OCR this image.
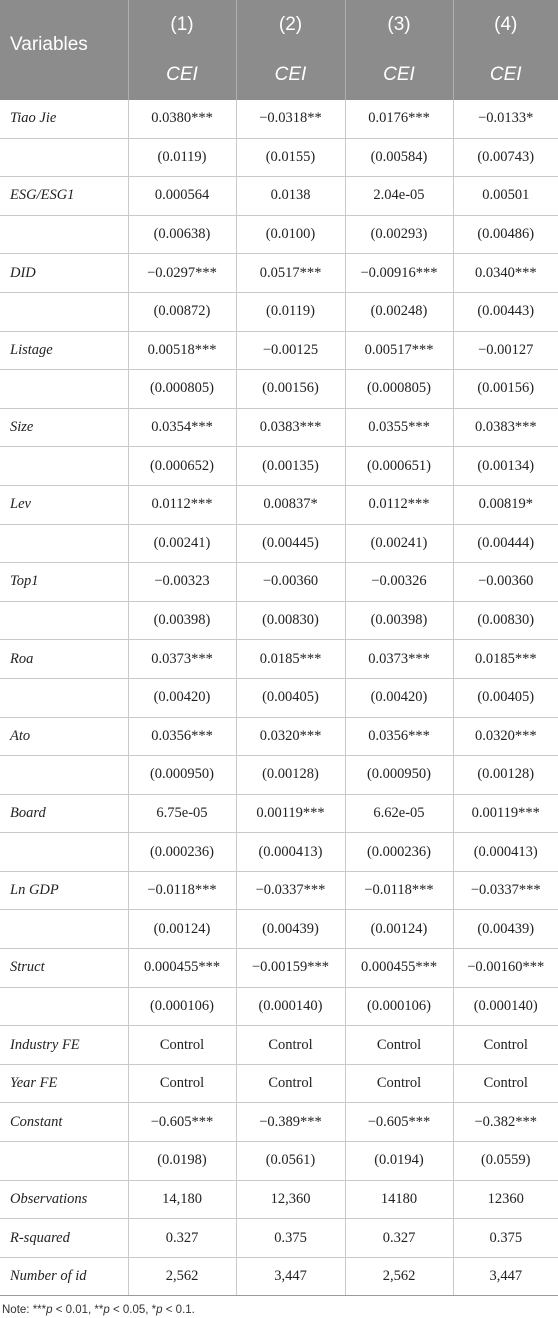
Variables	(1)	(2)	(3)	(4)
	CEI	CEI	CEI	CEI
Tiao Jie	0.0380***	−0.0318**	0.0176***	−0.0133*
	(0.0119)	(0.0155)	(0.00584)	(0.00743)
ESG/ESG1	0.000564	0.0138	2.04e-05	0.00501
	(0.00638)	(0.0100)	(0.00293)	(0.00486)
DID	−0.0297***	0.0517***	−0.00916***	0.0340***
	(0.00872)	(0.0119)	(0.00248)	(0.00443)
Listage	0.00518***	−0.00125	0.00517***	−0.00127
	(0.000805)	(0.00156)	(0.000805)	(0.00156)
Size	0.0354***	0.0383***	0.0355***	0.0383***
	(0.000652)	(0.00135)	(0.000651)	(0.00134)
Lev	0.0112***	0.00837*	0.0112***	0.00819*
	(0.00241)	(0.00445)	(0.00241)	(0.00444)
Top1	−0.00323	−0.00360	−0.00326	−0.00360
	(0.00398)	(0.00830)	(0.00398)	(0.00830)
Roa	0.0373***	0.0185***	0.0373***	0.0185***
	(0.00420)	(0.00405)	(0.00420)	(0.00405)
Ato	0.0356***	0.0320***	0.0356***	0.0320***
	(0.000950)	(0.00128)	(0.000950)	(0.00128)
Board	6.75e-05	0.00119***	6.62e-05	0.00119***
	(0.000236)	(0.000413)	(0.000236)	(0.000413)
Ln GDP	−0.0118***	−0.0337***	−0.0118***	−0.0337***
	(0.00124)	(0.00439)	(0.00124)	(0.00439)
Struct	0.000455***	−0.00159***	0.000455***	−0.00160***
	(0.000106)	(0.000140)	(0.000106)	(0.000140)
Industry FE	Control	Control	Control	Control
Year FE	Control	Control	Control	Control
Constant	−0.605***	−0.389***	−0.605***	−0.382***
	(0.0198)	(0.0561)	(0.0194)	(0.0559)
Observations	14,180	12,360	14180	12360
R-squared	0.327	0.375	0.327	0.375
Number of id	2,562	3,447	2,562	3,447
Note: ***p < 0.01, **p < 0.05, *p < 0.1.
